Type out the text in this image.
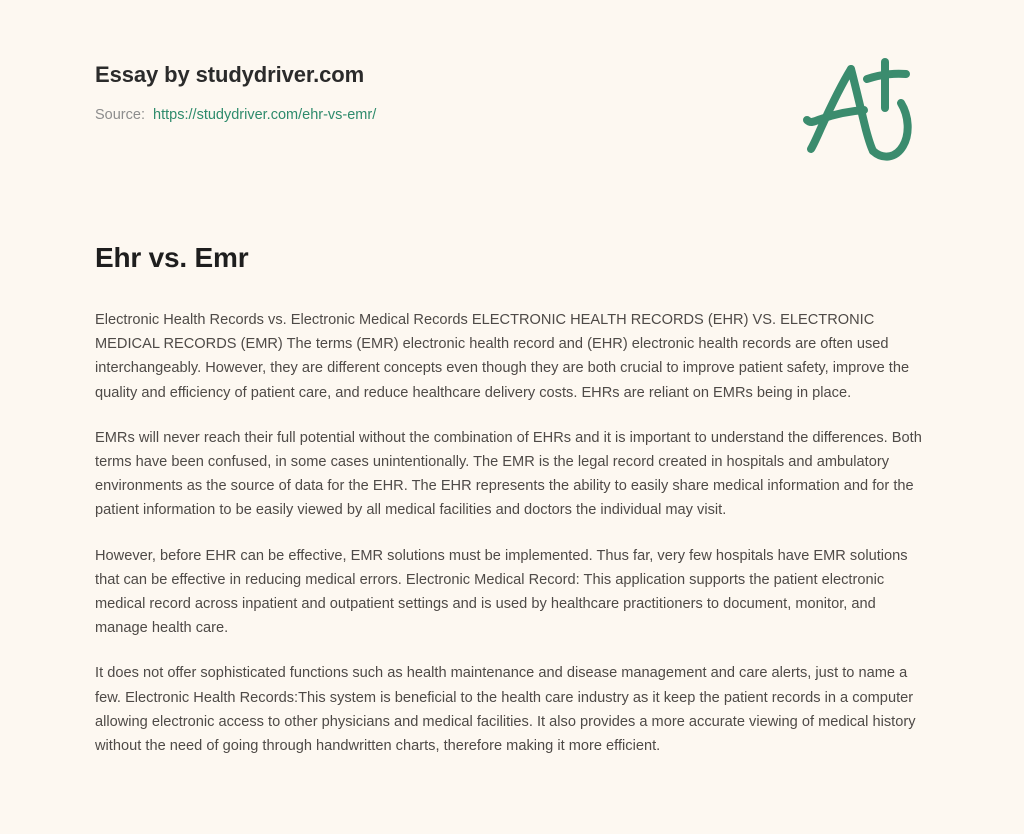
Essay by studydriver.com
Source: https://studydriver.com/ehr-vs-emr/
Ehr vs. Emr

Electronic Health Records vs. Electronic Medical Records ELECTRONIC HEALTH RECORDS (EHR) VS. ELECTRONIC MEDICAL RECORDS (EMR) The terms (EMR) electronic health record and (EHR) electronic health records are often used interchangeably. However, they are different concepts even though they are both crucial to improve patient safety, improve the quality and efficiency of patient care, and reduce healthcare delivery costs. EHRs are reliant on EMRs being in place.

EMRs will never reach their full potential without the combination of EHRs and it is important to understand the differences. Both terms have been confused, in some cases unintentionally. The EMR is the legal record created in hospitals and ambulatory environments as the source of data for the EHR. The EHR represents the ability to easily share medical information and for the patient information to be easily viewed by all medical facilities and doctors the individual may visit.

However, before EHR can be effective, EMR solutions must be implemented. Thus far, very few hospitals have EMR solutions that can be effective in reducing medical errors. Electronic Medical Record: This application supports the patient electronic medical record across inpatient and outpatient settings and is used by healthcare practitioners to document, monitor, and manage health care.

It does not offer sophisticated functions such as health maintenance and disease management and care alerts, just to name a few. Electronic Health Records:This system is beneficial to the health care industry as it keep the patient records in a computer allowing electronic access to other physicians and medical facilities. It also provides a more accurate viewing of medical history without the need of going through handwritten charts, therefore making it more efficient.
